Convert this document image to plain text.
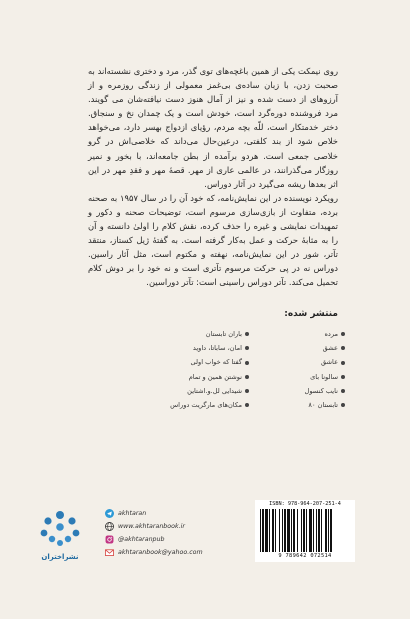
روی نیمکت یکی از همین باغچه‌های توی گذر، مرد و دختری نشسته‌اند به صحبت زدن، با زبان ساده‌ی بی‌غمز معمولی از زندگی روزمره و از آرزوهای از دست شده و نیز از آمال هنوز دست نیافته‌شان می گویند. مرد فروشنده دوره‌گرد است، خودش است و یک چمدان نخ و سنجاق. دختر خدمتکار است، للّه بچه مردم، رؤیای ازدواج بهسر دارد، می‌خواهد خلاص شود از بند کلفتی، درعین‌حال می‌داند که خلاصی‌اش در گرو خلاصی جمعی است. هردو برآمده از بطن جامعه‌اند، با بخور و نمیر روزگار می‌گذرانند، در عالمی عاری از مهر. قصهٔ مهر و فقدِ مهر در این اثر بعدها ریشه می‌گیرد در آثار دوراس.

رویکرد نویسنده در این نمایش‌نامه، که خود آن را در سال ۱۹۵۷ به صحنه برده، متفاوت از بازی‌سازی مرسوم است، توضیحات صحنه و دکور و تمهیدات نمایشی و غیره را حذف کرده، نقش کلام را اولیٰ دانسته و آن را به مثابهٔ حرکت و عمل به‌کار گرفته است. به گفتهٔ ژیل کستاز، منتقد تآتر، شور در این نمایش‌نامه، نهفته و مکتوم است، مثل آثار راسین. دوراس نه در پی حرکت مرسوم تآتری است و نه خود را بر دوش کلام تحمیل می‌کند. تآتر دوراس راسینی است: تآتر دوراسین.

منتشر شده:
مرده
عشق
عاشق
سالونا بای
نایب کنسول
تابستان ۸۰
باران تابستان
امان، ساباتا، داوید
گفتا که خواب اولی
نوشتن همین و تمام
شیدایی لل.و.اشتاین
مکان‌های مارگریت دوراس
نشراختران
akhtaran
www.akhtaranbook.ir
@akhtaranpub
akhtaranbook@yahoo.com
ISBN: 978-964-207-251-4
9 789642 072514
